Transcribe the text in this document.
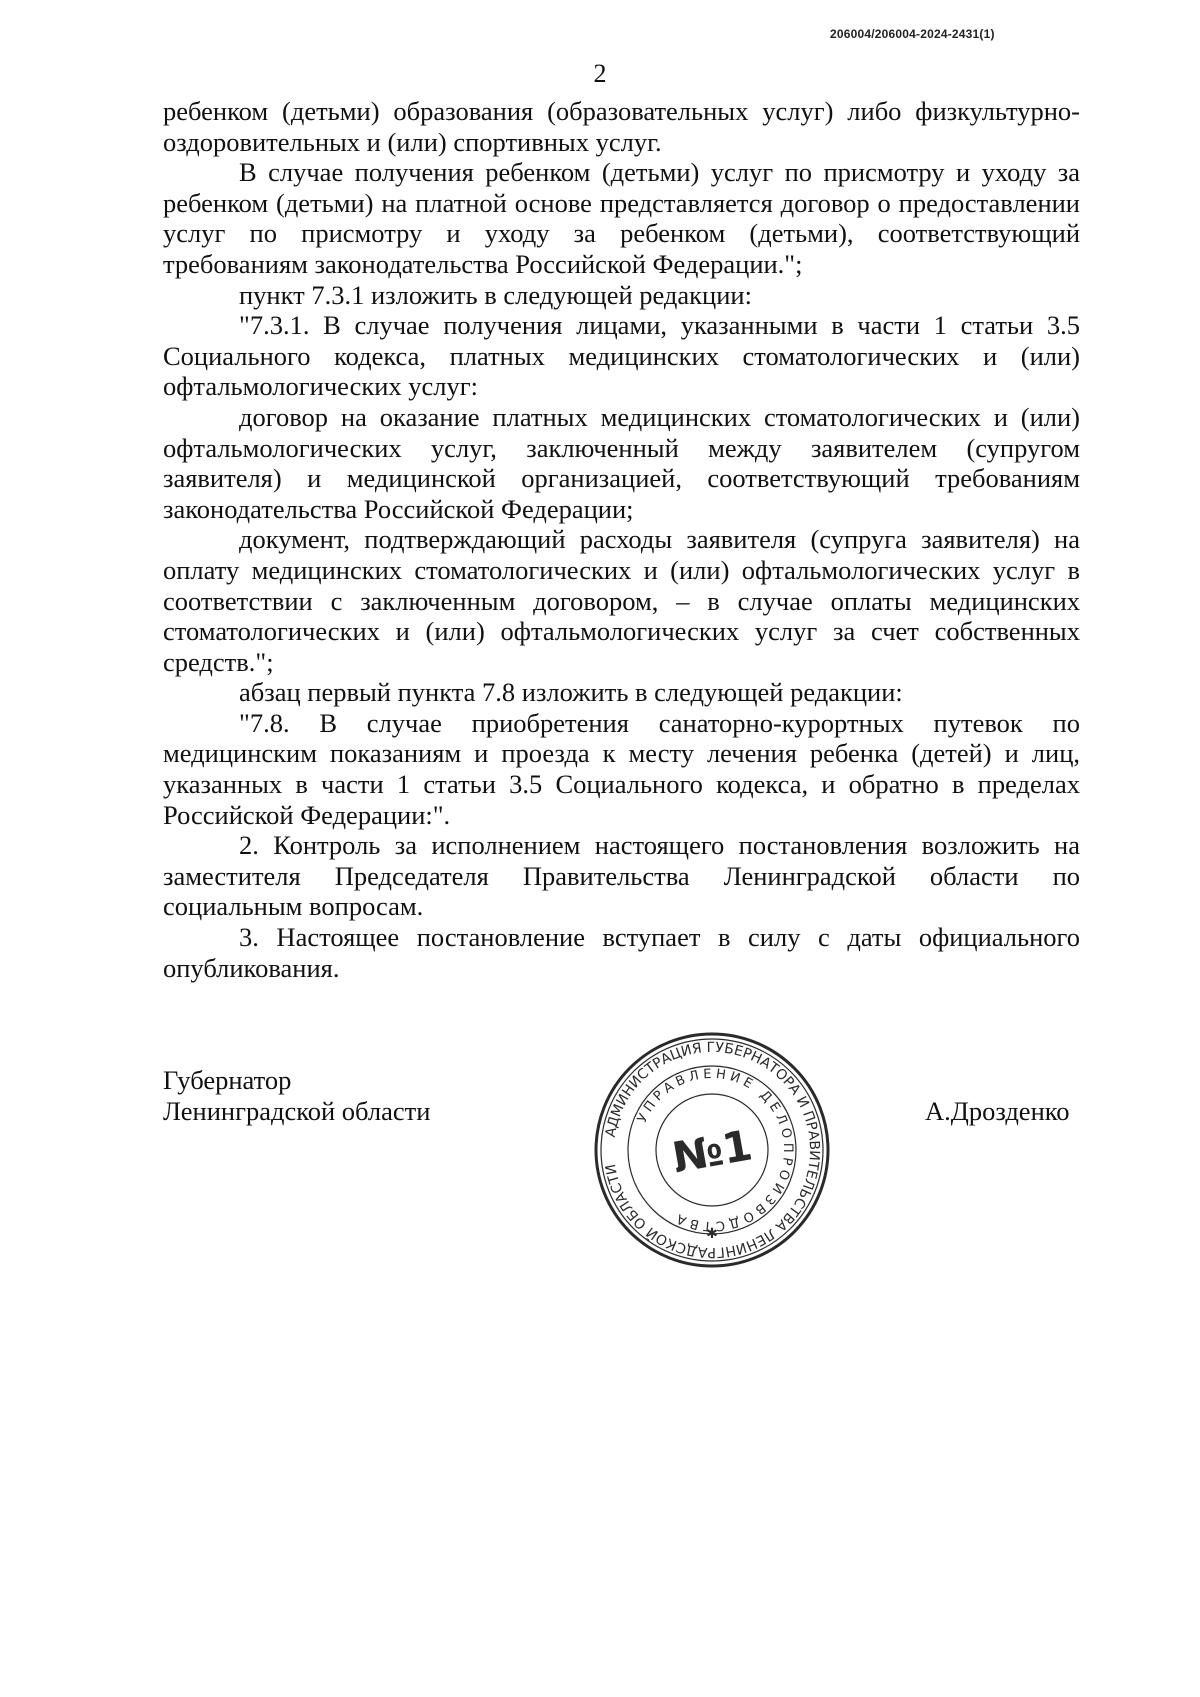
206004/206004-2024-2431(1)
2

ребенком (детьми) образования (образовательных услуг) либо физкультурно-оздоровительных и (или) спортивных услуг.

В случае получения ребенком (детьми) услуг по присмотру и уходу за ребенком (детьми) на платной основе представляется договор о предоставлении услуг по присмотру и уходу за ребенком (детьми), соответствующий требованиям законодательства Российской Федерации.";

пункт 7.3.1 изложить в следующей редакции:

"7.3.1. В случае получения лицами, указанными в части 1 статьи 3.5 Социального кодекса, платных медицинских стоматологических и (или) офтальмологических услуг:

договор на оказание платных медицинских стоматологических и (или) офтальмологических услуг, заключенный между заявителем (супругом заявителя) и медицинской организацией, соответствующий требованиям законодательства Российской Федерации;

документ, подтверждающий расходы заявителя (супруга заявителя) на оплату медицинских стоматологических и (или) офтальмологических услуг в соответствии с заключенным договором, – в случае оплаты медицинских стоматологических и (или) офтальмологических услуг за счет собственных средств.";

абзац первый пункта 7.8 изложить в следующей редакции:

"7.8. В случае приобретения санаторно-курортных путевок по медицинским показаниям и проезда к месту лечения ребенка (детей) и лиц, указанных в части 1 статьи 3.5 Социального кодекса, и обратно в пределах Российской Федерации:".

2. Контроль за исполнением настоящего постановления возложить на заместителя Председателя Правительства Ленинградской области по социальным вопросам.

3. Настоящее постановление вступает в силу с даты официального опубликования.

Губернатор
Ленинградской области
АДМИНИСТРАЦИЯ ГУБЕРНАТОРА И ПРАВИТЕЛЬСТВА ЛЕНИНГРАДСКОЙ ОБЛАСТИ
УПРАВЛЕНИЕ ДЕЛОПРОИЗВОДСТВА
№1
✱
А.Дрозденко
